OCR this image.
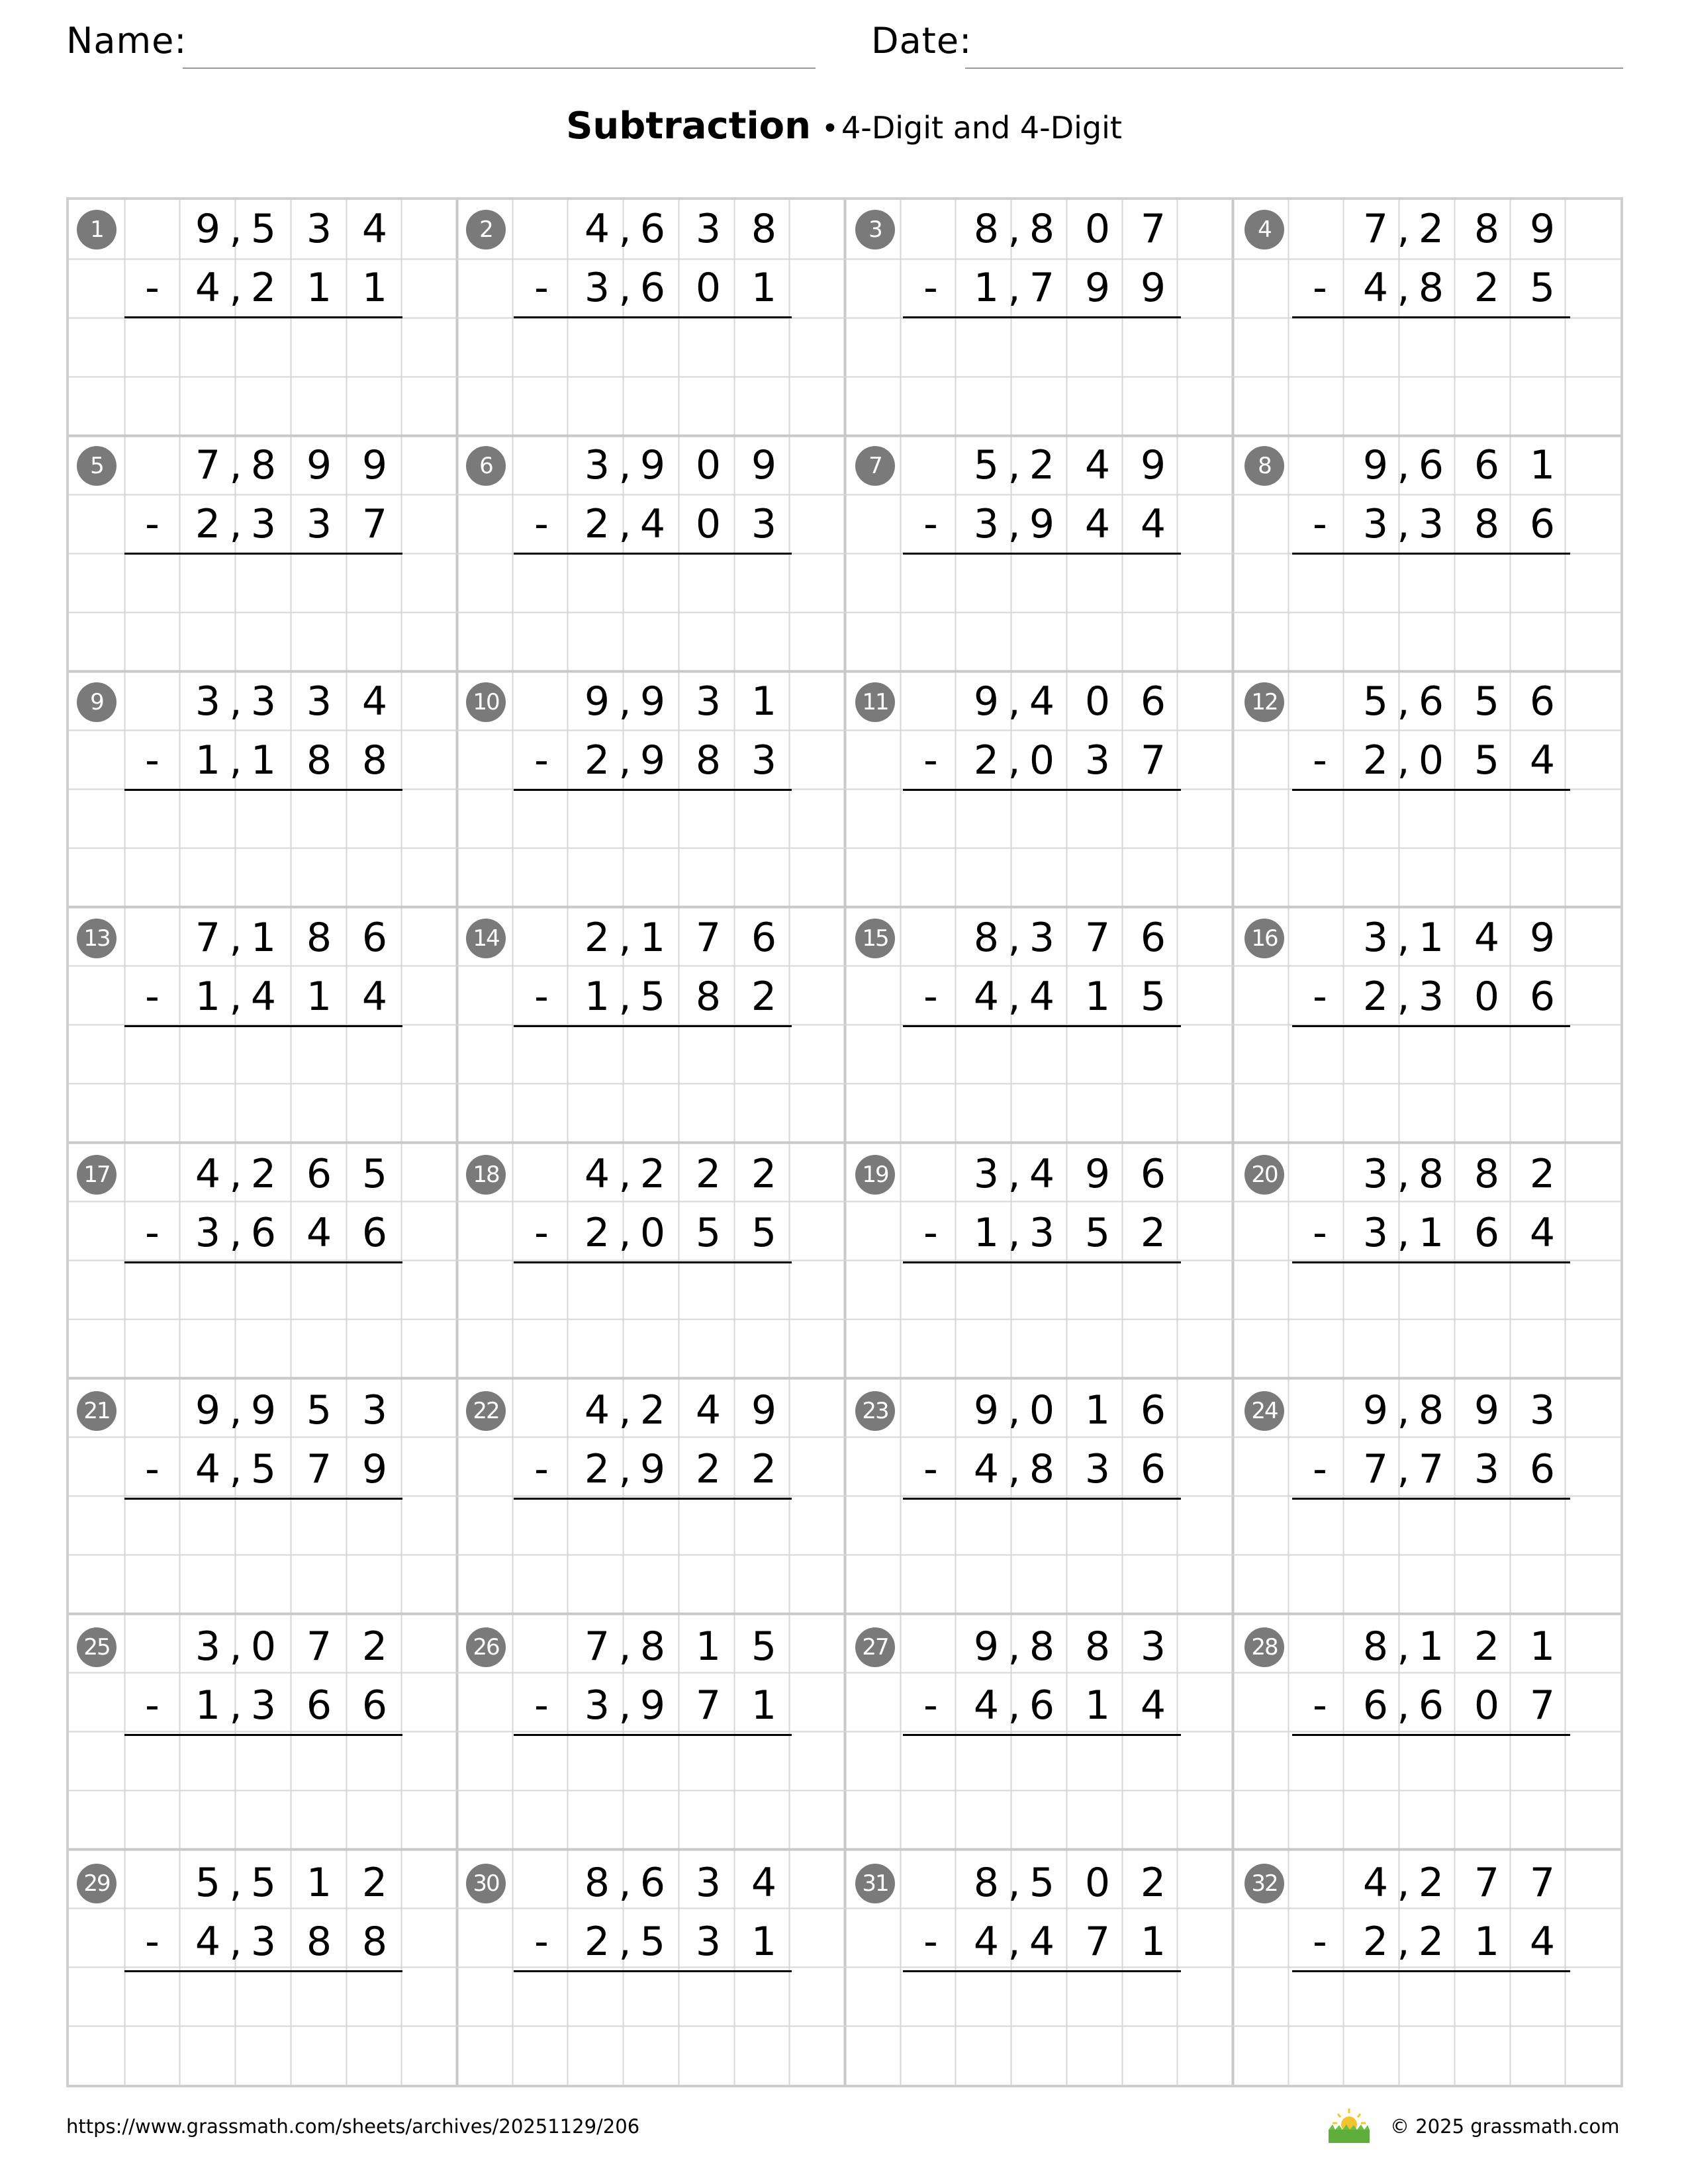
Name:	Date:
Subtraction •4-Digit and 4-Digit
1	9 5 3 4
,
- 4 2 1 1
,
2	4 6 3 8
,
- 3 6 0 1
,
3	8 8 0 7
,
- 1 7 9 9
,
4	7 2 8 9
,
- 4 8 2 5
,
5	7 8 9 9
,
- 2 3 3 7
,
6	3 9 0 9
,
- 2 4 0 3
,
7	5 2 4 9
,
- 3 9 4 4
,
8	9 6 6 1
,
- 3 3 8 6
,
9	3 3 3 4
,
- 1 1 8 8
,
10	9 9 3 1
,
- 2 9 8 3
,
11	9 4 0 6
,
- 2 0 3 7
,
12	5 6 5 6
,
- 2 0 5 4
,
13	7 1 8 6
,
- 1 4 1 4
,
14	2 1 7 6
,
- 1 5 8 2
,
15	8 3 7 6
,
- 4 4 1 5
,
16	3 1 4 9
,
- 2 3 0 6
,
17	4 2 6 5
,
- 3 6 4 6
,
18	4 2 2 2
,
- 2 0 5 5
,
19	3 4 9 6
,
- 1 3 5 2
,
20	3 8 8 2
,
- 3 1 6 4
,
21	9 9 5 3
,
- 4 5 7 9
,
22	4 2 4 9
,
- 2 9 2 2
,
23	9 0 1 6
,
- 4 8 3 6
,
24	9 8 9 3
,
- 7 7 3 6
,
25	3 0 7 2
,
- 1 3 6 6
,
26	7 8 1 5
,
- 3 9 7 1
,
27	9 8 8 3
,
- 4 6 1 4
,
28	8 1 2 1
,
- 6 6 0 7
,
29	5 5 1 2
,
- 4 3 8 8
,
30	8 6 3 4
,
- 2 5 3 1
,
31	8 5 0 2
,
- 4 4 7 1
,
32	4 2 7 7
,
- 2 2 1 4
,
https://www.grassmath.com/sheets/archives/20251129/206	© 2025 grassmath.com
